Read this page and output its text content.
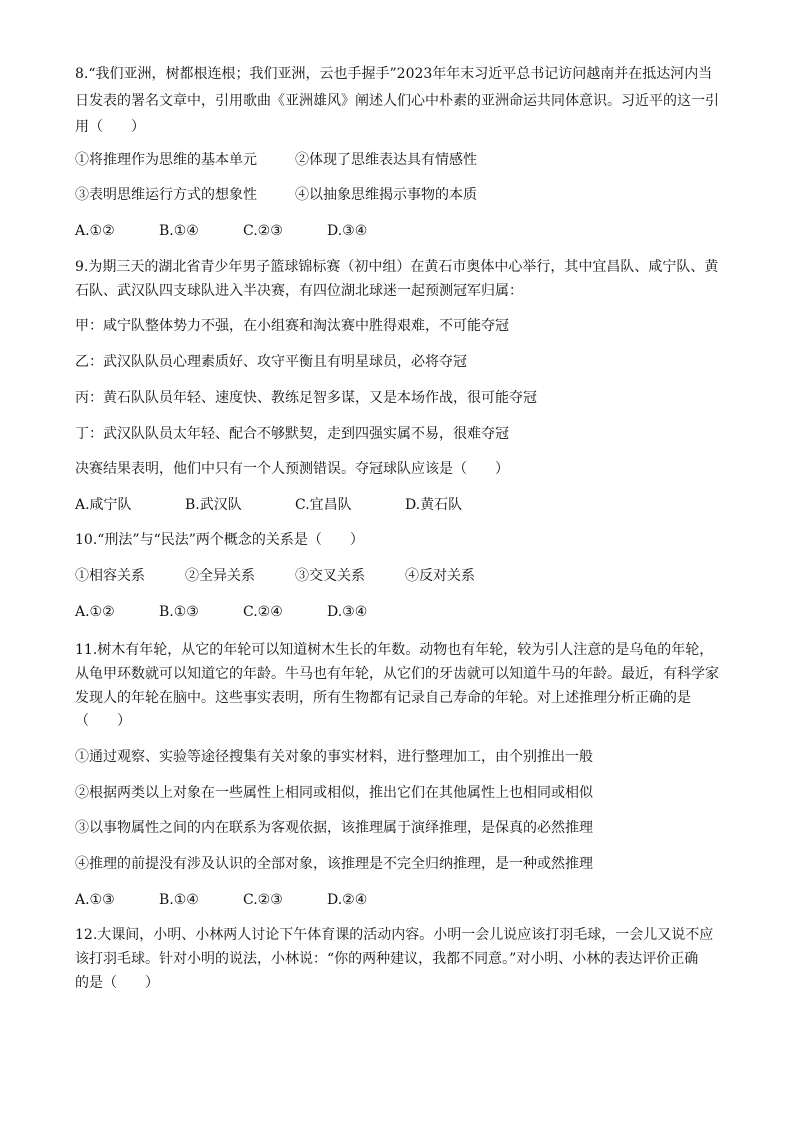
8.“我们亚洲，树都根连根；我们亚洲，云也手握手”2023年年末习近平总书记访问越南并在抵达河内当
日发表的署名文章中，引用歌曲《亚洲雄风》阐述人们心中朴素的亚洲命运共同体意识。习近平的这一引
用（　　）
①将推理作为思维的基本单元	②体现了思维表达具有情感性
③表明思维运行方式的想象性	④以抽象思维揭示事物的本质
A.①②	B.①④	C.②③	D.③④
9.为期三天的湖北省青少年男子篮球锦标赛（初中组）在黄石市奥体中心举行，其中宜昌队、咸宁队、黄
石队、武汉队四支球队进入半决赛，有四位湖北球迷一起预测冠军归属：
甲：咸宁队整体势力不强，在小组赛和淘汰赛中胜得艰难，不可能夺冠
乙：武汉队队员心理素质好、攻守平衡且有明星球员，必将夺冠
丙：黄石队队员年轻、速度快、教练足智多谋，又是本场作战，很可能夺冠
丁：武汉队队员太年轻、配合不够默契，走到四强实属不易，很难夺冠
决赛结果表明，他们中只有一个人预测错误。夺冠球队应该是（　　）
A.咸宁队	B.武汉队	C.宜昌队	D.黄石队
10.“刑法”与“民法”两个概念的关系是（　　）
①相容关系	②全异关系	③交叉关系	④反对关系
A.①②	B.①③	C.②④	D.③④
11.树木有年轮，从它的年轮可以知道树木生长的年数。动物也有年轮，较为引人注意的是乌龟的年轮，
从龟甲环数就可以知道它的年龄。牛马也有年轮，从它们的牙齿就可以知道牛马的年龄。最近，有科学家
发现人的年轮在脑中。这些事实表明，所有生物都有记录自己寿命的年轮。对上述推理分析正确的是
（　　）
①通过观察、实验等途径搜集有关对象的事实材料，进行整理加工，由个别推出一般
②根据两类以上对象在一些属性上相同或相似，推出它们在其他属性上也相同或相似
③以事物属性之间的内在联系为客观依据，该推理属于演绎推理，是保真的必然推理
④推理的前提没有涉及认识的全部对象，该推理是不完全归纳推理，是一种或然推理
A.①③	B.①④	C.②③	D.②④
12.大课间，小明、小林两人讨论下午体育课的活动内容。小明一会儿说应该打羽毛球，一会儿又说不应
该打羽毛球。针对小明的说法，小林说：“你的两种建议，我都不同意。”对小明、小林的表达评价正确
的是（　　）
